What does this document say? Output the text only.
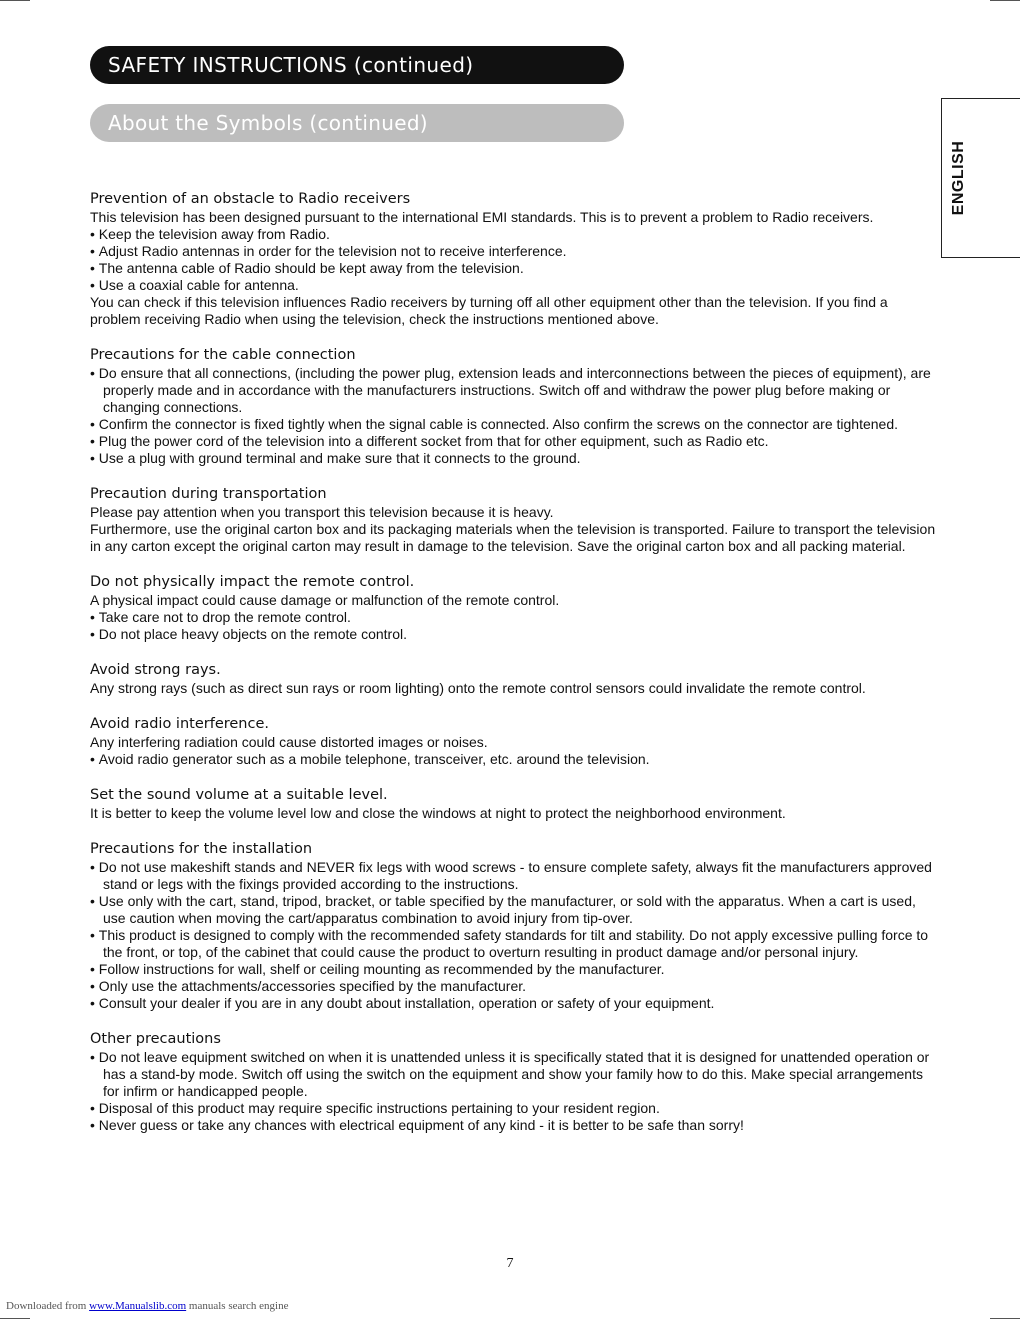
SAFETY INSTRUCTIONS (continued)
About the Symbols (continued)
ENGLISH
Prevention of an obstacle to Radio receivers

This television has been designed pursuant to the international EMI standards. This is to prevent a problem to Radio receivers.

• Keep the television away from Radio.
• Adjust Radio antennas in order for the television not to receive interference.
• The antenna cable of Radio should be kept away from the television.
• Use a coaxial cable for antenna.

You can check if this television influences Radio receivers by turning off all other equipment other than the television. If you find a problem receiving Radio when using the television, check the instructions mentioned above.

Precautions for the cable connection
• Do ensure that all connections, (including the power plug, extension leads and interconnections between the pieces of equipment), are properly made and in accordance with the manufacturers instructions. Switch off and withdraw the power plug before making or changing connections.
• Confirm the connector is fixed tightly when the signal cable is connected. Also confirm the screws on the connector are tightened.
• Plug the power cord of the television into a different socket from that for other equipment, such as Radio etc.
• Use a plug with ground terminal and make sure that it connects to the ground.
Precaution during transportation

Please pay attention when you transport this television because it is heavy.

Furthermore, use the original carton box and its packaging materials when the television is transported. Failure to transport the television in any carton except the original carton may result in damage to the television. Save the original carton box and all packing material.

Do not physically impact the remote control.

A physical impact could cause damage or malfunction of the remote control.

• Take care not to drop the remote control.
• Do not place heavy objects on the remote control.
Avoid strong rays.

Any strong rays (such as direct sun rays or room lighting) onto the remote control sensors could invalidate the remote control.

Avoid radio interference.

Any interfering radiation could cause distorted images or noises.

• Avoid radio generator such as a mobile telephone, transceiver, etc. around the television.
Set the sound volume at a suitable level.

It is better to keep the volume level low and close the windows at night to protect the neighborhood environment.

Precautions for the installation
• Do not use makeshift stands and NEVER fix legs with wood screws - to ensure complete safety, always fit the manufacturers approved stand or legs with the fixings provided according to the instructions.
• Use only with the cart, stand, tripod, bracket, or table specified by the manufacturer, or sold with the apparatus. When a cart is used, use caution when moving the cart/apparatus combination to avoid injury from tip-over.
• This product is designed to comply with the recommended safety standards for tilt and stability. Do not apply excessive pulling force to the front, or top, of the cabinet that could cause the product to overturn resulting in product damage and/or personal injury.
• Follow instructions for wall, shelf or ceiling mounting as recommended by the manufacturer.
• Only use the attachments/accessories specified by the manufacturer.
• Consult your dealer if you are in any doubt about installation, operation or safety of your equipment.
Other precautions
• Do not leave equipment switched on when it is unattended unless it is specifically stated that it is designed for unattended operation or has a stand-by mode. Switch off using the switch on the equipment and show your family how to do this. Make special arrangements for infirm or handicapped people.
• Disposal of this product may require specific instructions pertaining to your resident region.
• Never guess or take any chances with electrical equipment of any kind - it is better to be safe than sorry!
7
Downloaded from www.Manualslib.com manuals search engine
